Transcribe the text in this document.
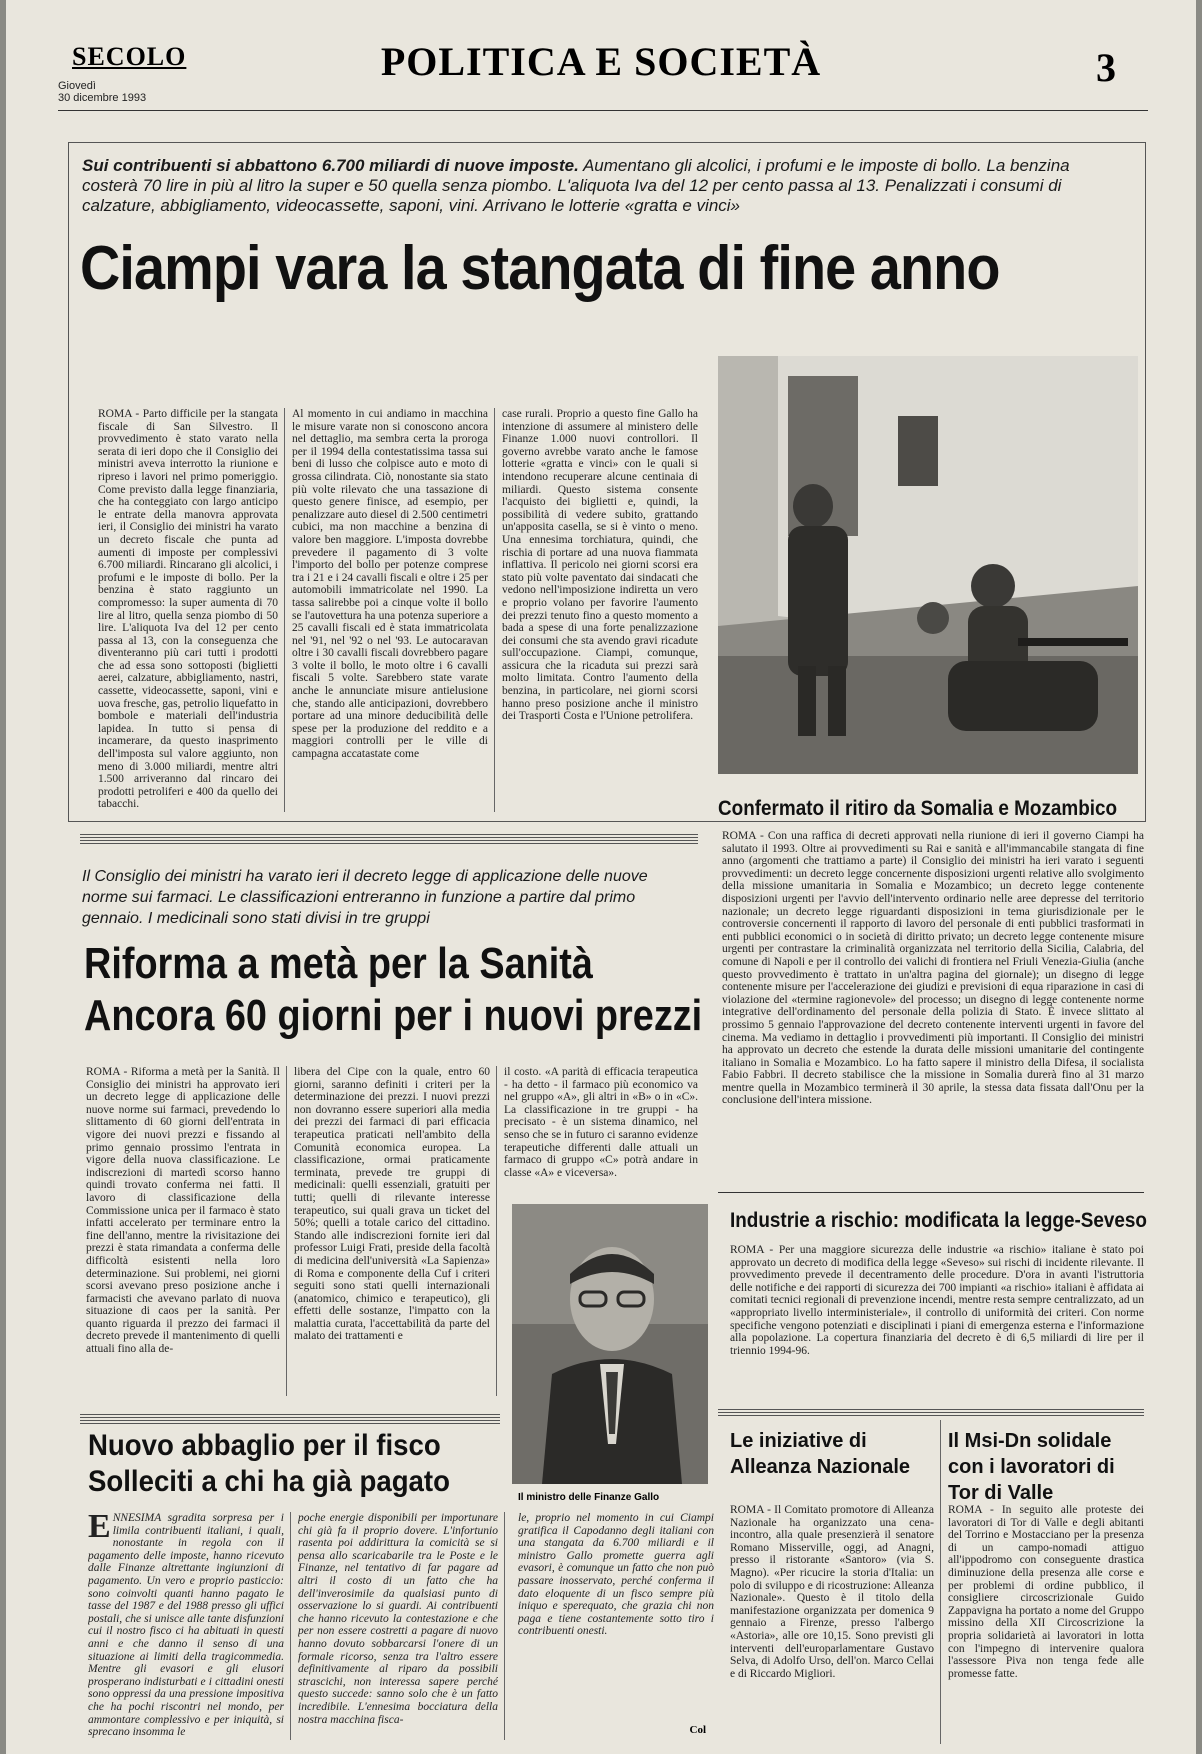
SECOLO
Giovedì
30 dicembre 1993
POLITICA E SOCIETÀ	3
Sui contribuenti si abbattono 6.700 miliardi di nuove imposte. Aumentano gli alcolici, i profumi e le imposte di bollo. La benzina costerà 70 lire in più al litro la super e 50 quella senza piombo. L'aliquota Iva del 12 per cento passa al 13. Penalizzati i consumi di calzature, abbigliamento, videocassette, saponi, vini. Arrivano le lotterie «gratta e vinci»
Ciampi vara la stangata di fine anno
ROMA - Parto difficile per la stangata fiscale di San Silvestro. Il provvedimento è stato varato nella serata di ieri dopo che il Consiglio dei ministri aveva interrotto la riunione e ripreso i lavori nel primo pomeriggio. Come previsto dalla legge finanziaria, che ha conteggiato con largo anticipo le entrate della manovra approvata ieri, il Consiglio dei ministri ha varato un decreto fiscale che punta ad aumenti di imposte per complessivi 6.700 miliardi. Rincarano gli alcolici, i profumi e le imposte di bollo. Per la benzina è stato raggiunto un compromesso: la super aumenta di 70 lire al litro, quella senza piombo di 50 lire. L'aliquota Iva del 12 per cento passa al 13, con la conseguenza che diventeranno più cari tutti i prodotti che ad essa sono sottoposti (biglietti aerei, calzature, abbigliamento, nastri, cassette, videocassette, saponi, vini e uova fresche, gas, petrolio liquefatto in bombole e materiali dell'industria lapidea. In tutto si pensa di incamerare, da questo inasprimento dell'imposta sul valore aggiunto, non meno di 3.000 miliardi, mentre altri 1.500 arriveranno dal rincaro dei prodotti petroliferi e 400 da quello dei tabacchi.
Al momento in cui andiamo in macchina le misure varate non si conoscono ancora nel dettaglio, ma sembra certa la proroga per il 1994 della contestatissima tassa sui beni di lusso che colpisce auto e moto di grossa cilindrata. Ciò, nonostante sia stato più volte rilevato che una tassazione di questo genere finisce, ad esempio, per penalizzare auto diesel di 2.500 centimetri cubici, ma non macchine a benzina di valore ben maggiore. L'imposta dovrebbe prevedere il pagamento di 3 volte l'importo del bollo per potenze comprese tra i 21 e i 24 cavalli fiscali e oltre i 25 per automobili immatricolate nel 1990. La tassa salirebbe poi a cinque volte il bollo se l'autovettura ha una potenza superiore a 25 cavalli fiscali ed è stata immatricolata nel '91, nel '92 o nel '93. Le autocaravan oltre i 30 cavalli fiscali dovrebbero pagare 3 volte il bollo, le moto oltre i 6 cavalli fiscali 5 volte. Sarebbero state varate anche le annunciate misure antielusione che, stando alle anticipazioni, dovrebbero portare ad una minore deducibilità delle spese per la produzione del reddito e a maggiori controlli per le ville di campagna accatastate come
case rurali. Proprio a questo fine Gallo ha intenzione di assumere al ministero delle Finanze 1.000 nuovi controllori. Il governo avrebbe varato anche le famose lotterie «gratta e vinci» con le quali si intendono recuperare alcune centinaia di miliardi. Questo sistema consente l'acquisto dei biglietti e, quindi, la possibilità di vedere subito, grattando un'apposita casella, se si è vinto o meno. Una ennesima torchiatura, quindi, che rischia di portare ad una nuova fiammata inflattiva. Il pericolo nei giorni scorsi era stato più volte paventato dai sindacati che vedono nell'imposizione indiretta un vero e proprio volano per favorire l'aumento dei prezzi tenuto fino a questo momento a bada a spese di una forte penalizzazione dei consumi che sta avendo gravi ricadute sull'occupazione. Ciampi, comunque, assicura che la ricaduta sui prezzi sarà molto limitata. Contro l'aumento della benzina, in particolare, nei giorni scorsi hanno preso posizione anche il ministro dei Trasporti Costa e l'Unione petrolifera.
Confermato il ritiro da Somalia e Mozambico
ROMA - Con una raffica di decreti approvati nella riunione di ieri il governo Ciampi ha salutato il 1993. Oltre ai provvedimenti su Rai e sanità e all'immancabile stangata di fine anno (argomenti che trattiamo a parte) il Consiglio dei ministri ha ieri varato i seguenti provvedimenti: un decreto legge concernente disposizioni urgenti relative allo svolgimento della missione umanitaria in Somalia e Mozambico; un decreto legge contenente disposizioni urgenti per l'avvio dell'intervento ordinario nelle aree depresse del territorio nazionale; un decreto legge riguardanti disposizioni in tema giurisdizionale per le controversie concernenti il rapporto di lavoro del personale di enti pubblici trasformati in enti pubblici economici o in società di diritto privato; un decreto legge contenente misure urgenti per contrastare la criminalità organizzata nel territorio della Sicilia, Calabria, del comune di Napoli e per il controllo dei valichi di frontiera nel Friuli Venezia-Giulia (anche questo provvedimento è trattato in un'altra pagina del giornale); un disegno di legge contenente misure per l'accelerazione dei giudizi e previsioni di equa riparazione in casi di violazione del «termine ragionevole» del processo; un disegno di legge contenente norme integrative dell'ordinamento del personale della polizia di Stato. È invece slittato al prossimo 5 gennaio l'approvazione del decreto contenente interventi urgenti in favore del cinema. Ma vediamo in dettaglio i provvedimenti più importanti. Il Consiglio dei ministri ha approvato un decreto che estende la durata delle missioni umanitarie del contingente italiano in Somalia e Mozambico. Lo ha fatto sapere il ministro della Difesa, il socialista Fabio Fabbri. Il decreto stabilisce che la missione in Somalia durerà fino al 31 marzo mentre quella in Mozambico terminerà il 30 aprile, la stessa data fissata dall'Onu per la conclusione dell'intera missione.
Il Consiglio dei ministri ha varato ieri il decreto legge di applicazione delle nuove norme sui farmaci. Le classificazioni entreranno in funzione a partire dal primo gennaio. I medicinali sono stati divisi in tre gruppi
Riforma a metà per la Sanità
Ancora 60 giorni per i nuovi prezzi
ROMA - Riforma a metà per la Sanità. Il Consiglio dei ministri ha approvato ieri un decreto legge di applicazione delle nuove norme sui farmaci, prevedendo lo slittamento di 60 giorni dell'entrata in vigore dei nuovi prezzi e fissando al primo gennaio prossimo l'entrata in vigore della nuova classificazione. Le indiscrezioni di martedì scorso hanno quindi trovato conferma nei fatti. Il lavoro di classificazione della Commissione unica per il farmaco è stato infatti accelerato per terminare entro la fine dell'anno, mentre la rivisitazione dei prezzi è stata rimandata a conferma delle difficoltà esistenti nella loro determinazione. Sui problemi, nei giorni scorsi avevano preso posizione anche i farmacisti che avevano parlato di nuova situazione di caos per la sanità. Per quanto riguarda il prezzo dei farmaci il decreto prevede il mantenimento di quelli attuali fino alla de-
libera del Cipe con la quale, entro 60 giorni, saranno definiti i criteri per la determinazione dei prezzi. I nuovi prezzi non dovranno essere superiori alla media dei prezzi dei farmaci di pari efficacia terapeutica praticati nell'ambito della Comunità economica europea. La classificazione, ormai praticamente terminata, prevede tre gruppi di medicinali: quelli essenziali, gratuiti per tutti; quelli di rilevante interesse terapeutico, sui quali grava un ticket del 50%; quelli a totale carico del cittadino. Stando alle indiscrezioni fornite ieri dal professor Luigi Frati, preside della facoltà di medicina dell'università «La Sapienza» di Roma e componente della Cuf i criteri seguiti sono stati quelli internazionali (anatomico, chimico e terapeutico), gli effetti delle sostanze, l'impatto con la malattia curata, l'accettabilità da parte del malato dei trattamenti e
il costo. «A parità di efficacia terapeutica - ha detto - il farmaco più economico va nel gruppo «A», gli altri in «B» o in «C». La classificazione in tre gruppi - ha precisato - è un sistema dinamico, nel senso che se in futuro ci saranno evidenze terapeutiche differenti dalle attuali un farmaco di gruppo «C» potrà andare in classe «A» e viceversa».
Il ministro delle Finanze Gallo
Nuovo abbaglio per il fisco
Solleciti a chi ha già pagato
ENNESIMA sgradita sorpresa per i limila contribuenti italiani, i quali, nonostante in regola con il pagamento delle imposte, hanno ricevuto dalle Finanze altrettante ingiunzioni di pagamento. Un vero e proprio pasticcio: sono coinvolti quanti hanno pagato le tasse del 1987 e del 1988 presso gli uffici postali, che si unisce alle tante disfunzioni cui il nostro fisco ci ha abituati in questi anni e che danno il senso di una situazione ai limiti della tragicommedia. Mentre gli evasori e gli elusori prosperano indisturbati e i cittadini onesti sono oppressi da una pressione impositiva che ha pochi riscontri nel mondo, per ammontare complessivo e per iniquità, si sprecano insomma le
poche energie disponibili per importunare chi già fa il proprio dovere. L'infortunio rasenta poi addirittura la comicità se si pensa allo scaricabarile tra le Poste e le Finanze, nel tentativo di far pagare ad altri il costo di un fatto che ha dell'inverosimile da qualsiasi punto di osservazione lo si guardi. Ai contribuenti che hanno ricevuto la contestazione e che per non essere costretti a pagare di nuovo hanno dovuto sobbarcarsi l'onere di un formale ricorso, senza tra l'altro essere definitivamente al riparo da possibili strascichi, non interessa sapere perché questo succede: sanno solo che è un fatto incredibile. L'ennesima bocciatura della nostra macchina fisca-
le, proprio nel momento in cui Ciampi gratifica il Capodanno degli italiani con una stangata da 6.700 miliardi e il ministro Gallo promette guerra agli evasori, è comunque un fatto che non può passare inosservato, perché conferma il dato eloquente di un fisco sempre più iniquo e sperequato, che grazia chi non paga e tiene costantemente sotto tiro i contribuenti onesti.
Col
Industrie a rischio: modificata la legge-Seveso
ROMA - Per una maggiore sicurezza delle industrie «a rischio» italiane è stato poi approvato un decreto di modifica della legge «Seveso» sui rischi di incidente rilevante. Il provvedimento prevede il decentramento delle procedure. D'ora in avanti l'istruttoria delle notifiche e dei rapporti di sicurezza dei 700 impianti «a rischio» italiani è affidata ai comitati tecnici regionali di prevenzione incendi, mentre resta sempre centralizzato, ad un «appropriato livello interministeriale», il controllo di uniformità dei criteri. Con norme specifiche vengono potenziati e disciplinati i piani di emergenza esterna e l'informazione alla popolazione. La copertura finanziaria del decreto è di 6,5 miliardi di lire per il triennio 1994-96.
Le iniziative di Alleanza Nazionale
ROMA - Il Comitato promotore di Alleanza Nazionale ha organizzato una cena-incontro, alla quale presenzierà il senatore Romano Misserville, oggi, ad Anagni, presso il ristorante «Santoro» (via S. Magno). «Per ricucire la storia d'Italia: un polo di sviluppo e di ricostruzione: Alleanza Nazionale». Questo è il titolo della manifestazione organizzata per domenica 9 gennaio a Firenze, presso l'albergo «Astoria», alle ore 10,15. Sono previsti gli interventi dell'europarlamentare Gustavo Selva, di Adolfo Urso, dell'on. Marco Cellai e di Riccardo Migliori.
Il Msi-Dn solidale con i lavoratori di Tor di Valle
ROMA - In seguito alle proteste dei lavoratori di Tor di Valle e degli abitanti del Torrino e Mostacciano per la presenza di un campo-nomadi attiguo all'ippodromo con conseguente drastica diminuzione della presenza alle corse e per problemi di ordine pubblico, il consigliere circoscrizionale Guido Zappavigna ha portato a nome del Gruppo missino della XII Circoscrizione la propria solidarietà ai lavoratori in lotta con l'impegno di intervenire qualora l'assessore Piva non tenga fede alle promesse fatte.
